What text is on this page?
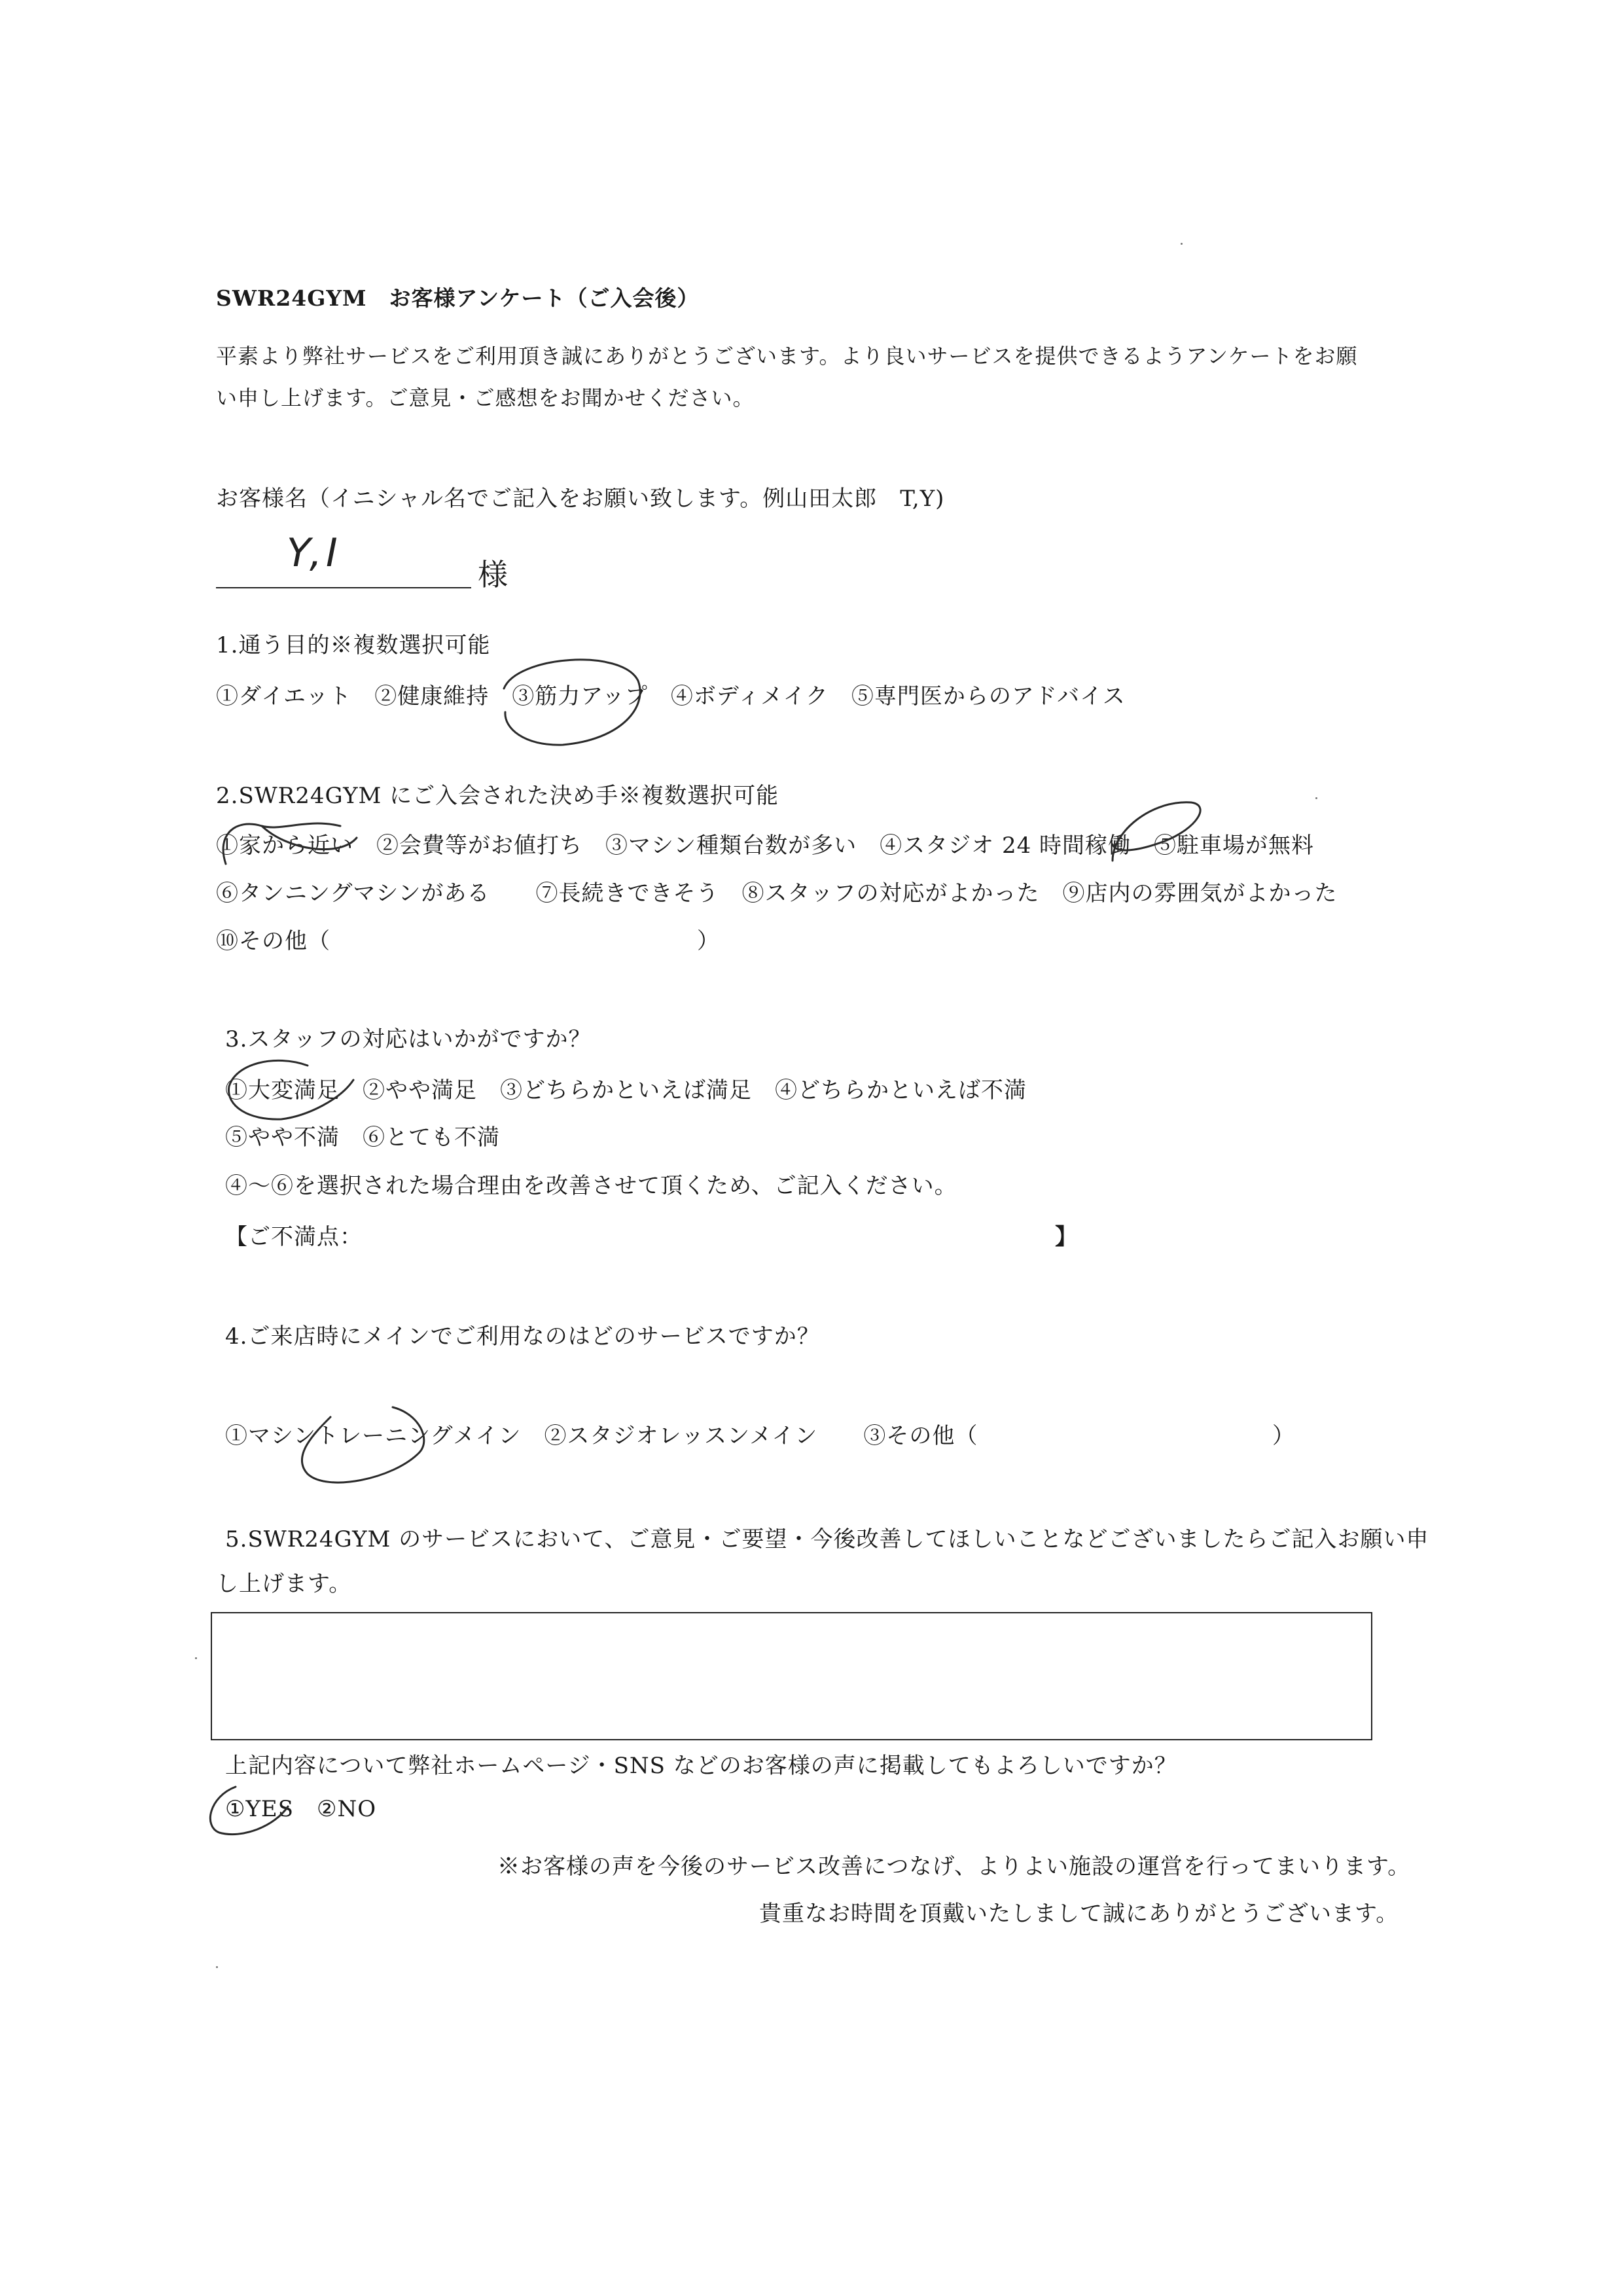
SWR24GYM　お客様アンケート（ご入会後）
平素より弊社サービスをご利用頂き誠にありがとうございます。より良いサービスを提供できるようアンケートをお願
い申し上げます。ご意見・ご感想をお聞かせください。
お客様名（イニシャル名でご記入をお願い致します。例山田太郎　T,Y)
Y,I	様
1.通う目的※複数選択可能
①ダイエット　②健康維持　③筋力アップ　④ボディメイク　⑤専門医からのアドバイス
2.SWR24GYM にご入会された決め手※複数選択可能
①家から近い　②会費等がお値打ち　③マシン種類台数が多い　④スタジオ 24 時間稼働　⑤駐車場が無料
⑥タンニングマシンがある　　⑦長続きできそう　⑧スタッフの対応がよかった　⑨店内の雰囲気がよかった
⑩その他（　　　　　　　　　　　　　　　　）
3.スタッフの対応はいかがですか？
①大変満足　②やや満足　③どちらかといえば満足　④どちらかといえば不満
⑤やや不満　⑥とても不満
④～⑥を選択された場合理由を改善させて頂くため、ご記入ください。
【ご不満点：	】
4.ご来店時にメインでご利用なのはどのサービスですか？
①マシントレーニングメイン　②スタジオレッスンメイン　　③その他（	）
5.SWR24GYM のサービスにおいて、ご意見・ご要望・今後改善してほしいことなどございましたらご記入お願い申
し上げます。
上記内容について弊社ホームページ・SNS などのお客様の声に掲載してもよろしいですか？
①YES　②NO
※お客様の声を今後のサービス改善につなげ、よりよい施設の運営を行ってまいります。
貴重なお時間を頂戴いたしまして誠にありがとうございます。
